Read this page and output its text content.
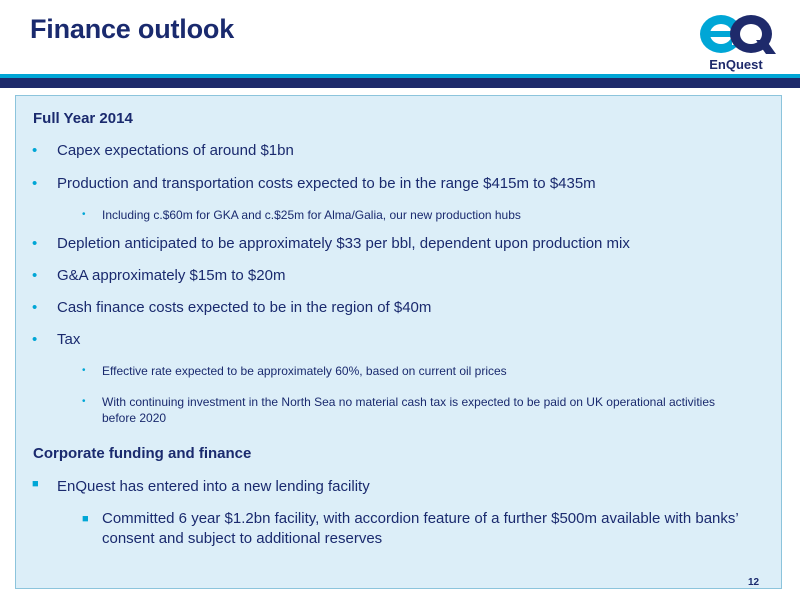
Finance outlook
EnQuest
Full Year 2014
• Capex expectations of around $1bn
• Production and transportation costs expected to be in the range $415m to $435m
• Including c.$60m for GKA and c.$25m for Alma/Galia, our new production hubs
• Depletion anticipated to be approximately $33 per bbl, dependent upon production mix
• G&A approximately $15m to $20m
• Cash finance costs expected to be in the region of $40m
• Tax
• Effective rate expected to be approximately 60%, based on current oil prices
• With continuing investment in the North Sea no material cash tax is expected to be paid on UK operational activities before 2020
Corporate funding and finance
■ EnQuest has entered into a new lending facility
■ Committed 6 year $1.2bn facility, with accordion feature of a further $500m available with banks’ consent and subject to additional reserves
12
